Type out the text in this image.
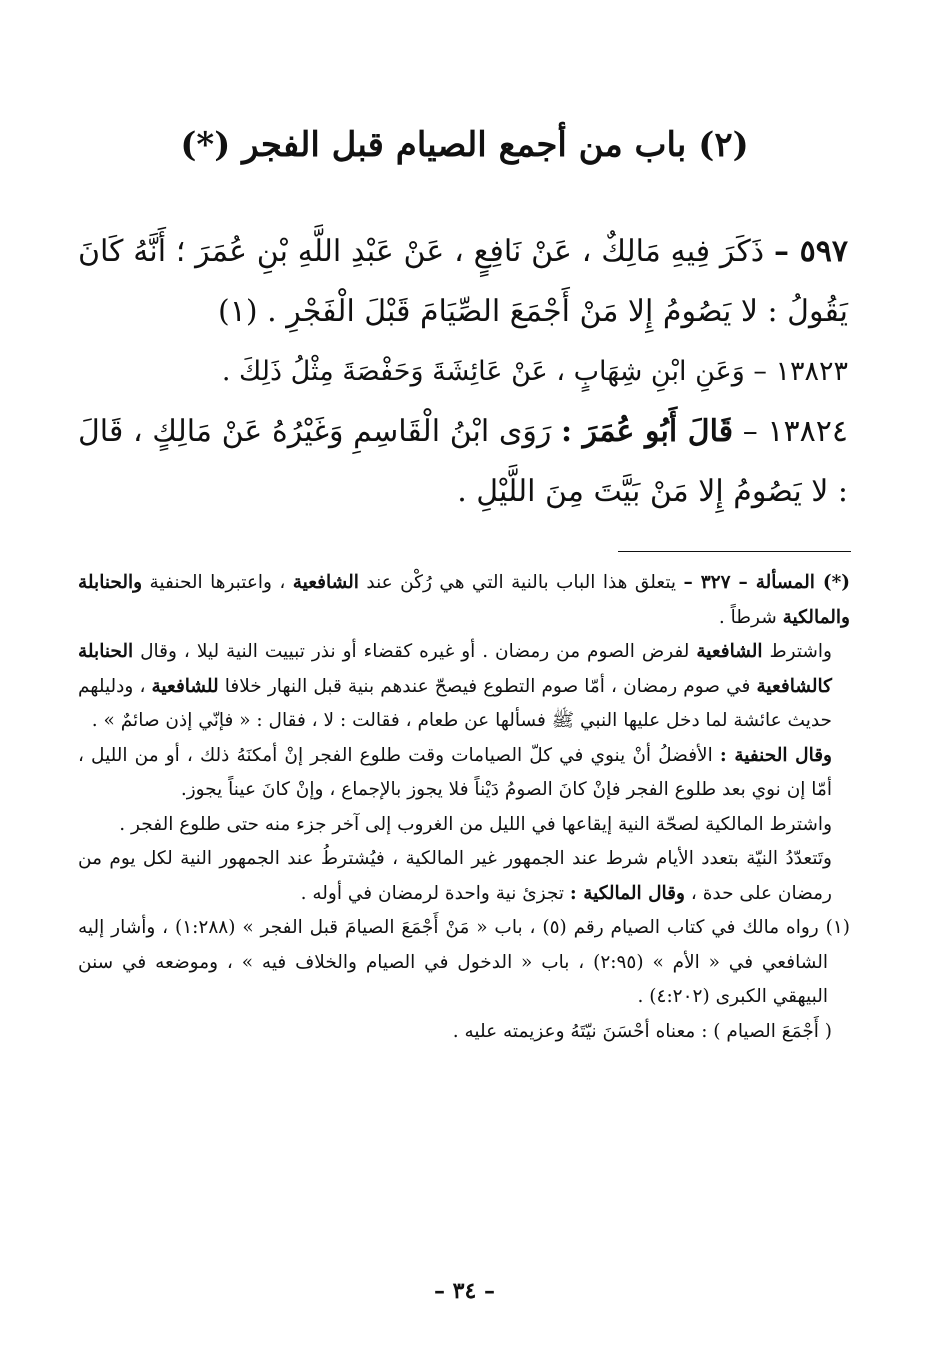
(٢) باب من أجمع الصيام قبل الفجر (*)

٥٩٧ – ذَكَرَ فِيهِ مَالِكٌ ، عَنْ نَافِعٍ ، عَنْ عَبْدِ اللَّهِ بْنِ عُمَرَ ؛ أَنَّهُ كَانَ يَقُولُ : لا يَصُومُ إِلا مَنْ أَجْمَعَ الصِّيَامَ قَبْلَ الْفَجْرِ . (١)

١٣٨٢٣ – وَعَنِ ابْنِ شِهَابٍ ، عَنْ عَائِشَةَ وَحَفْصَةَ مِثْلُ ذَلِكَ .

١٣٨٢٤ – قَالَ أَبُو عُمَرَ : رَوَى ابْنُ الْقَاسِمِ وَغَيْرُهُ عَنْ مَالِكٍ ، قَالَ : لا يَصُومُ إِلا مَنْ بَيَّتَ مِنَ اللَّيْلِ .

(*) المسألة – ٣٢٧ – يتعلق هذا الباب بالنية التي هي رُكْن عند الشافعية ، واعتبرها الحنفية والحنابلة والمالكية شرطاً .

واشترط الشافعية لفرض الصوم من رمضان . أو غيره كقضاء أو نذر تبييت النية ليلا ، وقال الحنابلة كالشافعية في صوم رمضان ، أمّا صوم التطوع فيصحّ عندهم بنية قبل النهار خلافا للشافعية ، ودليلهم حديث عائشة لما دخل عليها النبي ﷺ فسألها عن طعام ، فقالت : لا ، فقال : « فإنّي إذن صائمٌ » .

وقال الحنفية : الأفضلُ أنْ ينوي في كلّ الصيامات وقت طلوع الفجر إنْ أمكنَهُ ذلك ، أو من الليل ، أمّا إن نوي بعد طلوع الفجر فإنْ كانَ الصومُ دَيْناً فلا يجوز بالإجماع ، وإنْ كانَ عيناً يجوز.

واشترط المالكية لصحّة النية إيقاعها في الليل من الغروب إلى آخر جزء منه حتى طلوع الفجر .

وتَتعدّدُ النيّة بتعدد الأيام شرط عند الجمهور غير المالكية ، فيُشترطُ عند الجمهور النية لكل يوم من رمضان على حدة ، وقال المالكية : تجزئ نية واحدة لرمضان في أوله .

(١) رواه مالك في كتاب الصيام رقم (٥) ، باب « مَنْ أَجْمَعَ الصيامَ قبل الفجر » (١:٢٨٨) ، وأشار إليه الشافعي في « الأم » (٢:٩٥) ، باب « الدخول في الصيام والخلاف فيه » ، وموضعه في سنن البيهقي الكبرى (٤:٢٠٢) .

( أَجْمَعَ الصيام ) : معناه أحْسَنَ نيّتَهُ وعزيمته عليه .

– ٣٤ –
